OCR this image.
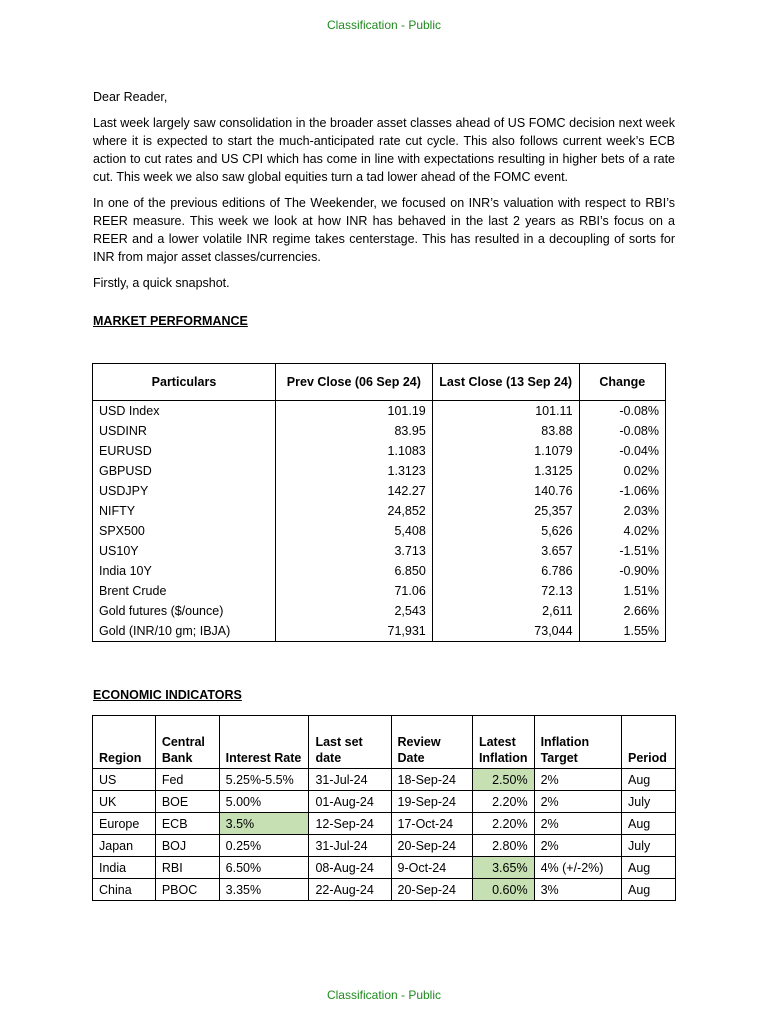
Classification - Public

Dear Reader,

Last week largely saw consolidation in the broader asset classes ahead of US FOMC decision next week where it is expected to start the much-anticipated rate cut cycle. This also follows current week’s ECB action to cut rates and US CPI which has come in line with expectations resulting in higher bets of a rate cut. This week we also saw global equities turn a tad lower ahead of the FOMC event.

In one of the previous editions of The Weekender, we focused on INR’s valuation with respect to RBI’s REER measure. This week we look at how INR has behaved in the last 2 years as RBI’s focus on a REER and a lower volatile INR regime takes centerstage. This has resulted in a decoupling of sorts for INR from major asset classes/currencies.

Firstly, a quick snapshot.

MARKET PERFORMANCE
Particulars	Prev Close (06 Sep 24)	Last Close (13 Sep 24)	Change
USD Index	101.19	101.11	-0.08%
USDINR	83.95	83.88	-0.08%
EURUSD	1.1083	1.1079	-0.04%
GBPUSD	1.3123	1.3125	0.02%
USDJPY	142.27	140.76	-1.06%
NIFTY	24,852	25,357	2.03%
SPX500	5,408	5,626	4.02%
US10Y	3.713	3.657	-1.51%
India 10Y	6.850	6.786	-0.90%
Brent Crude	71.06	72.13	1.51%
Gold futures ($/ounce)	2,543	2,611	2.66%
Gold (INR/10 gm; IBJA)	71,931	73,044	1.55%
ECONOMIC INDICATORS
Region	Central Bank	Interest Rate	Last set date	Review Date	Latest Inflation	Inflation Target	Period
US	Fed	5.25%-5.5%	31-Jul-24	18-Sep-24	2.50%	2%	Aug
UK	BOE	5.00%	01-Aug-24	19-Sep-24	2.20%	2%	July
Europe	ECB	3.5%	12-Sep-24	17-Oct-24	2.20%	2%	Aug
Japan	BOJ	0.25%	31-Jul-24	20-Sep-24	2.80%	2%	July
India	RBI	6.50%	08-Aug-24	9-Oct-24	3.65%	4% (+/-2%)	Aug
China	PBOC	3.35%	22-Aug-24	20-Sep-24	0.60%	3%	Aug
Classification - Public
